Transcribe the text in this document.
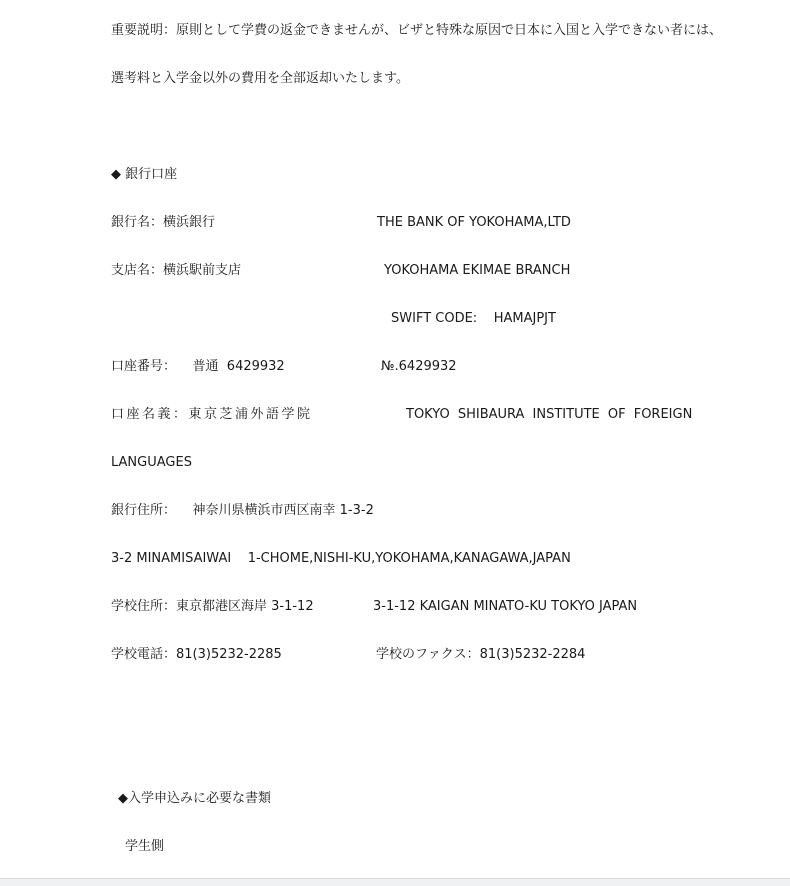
重要説明：原則として学費の返金できませんが、ビザと特殊な原因で日本に入国と入学できない者には、
選考料と入学金以外の費用を全部返却いたします。
◆ 銀行口座
銀行名：横浜銀行	THE BANK OF YOKOHAMA,LTD
支店名：横浜駅前支店	YOKOHAMA EKIMAE BRANCH
SWIFT CODE:    HAMAJPJT
口座番号：    普通  6429932	№.6429932
口座名義：東京芝浦外語学院	TOKYO SHIBAURA INSTITUTE OF FOREIGN
LANGUAGES
銀行住所：    神奈川県横浜市西区南幸 1-3-2
3-2 MINAMISAIWAI    1-CHOME,NISHI-KU,YOKOHAMA,KANAGAWA,JAPAN
学校住所：東京都港区海岸 3-1-12	3-1-12 KAIGAN MINATO-KU TOKYO JAPAN
学校電話：81(3)5232-2285	学校のファクス：81(3)5232-2284
◆入学申込みに必要な書類
学生側
